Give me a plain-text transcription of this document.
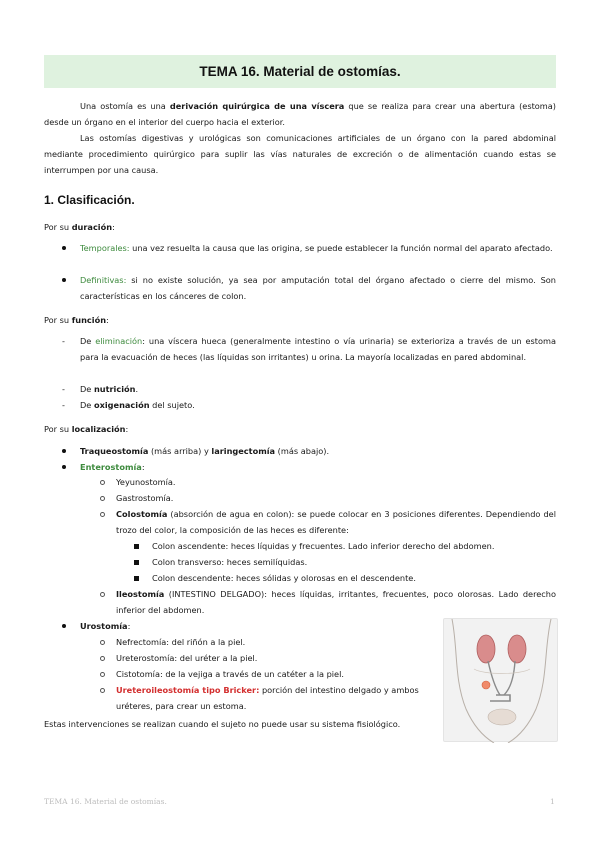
TEMA 16. Material de ostomías.

Una ostomía es una derivación quirúrgica de una víscera que se realiza para crear una abertura (estoma) desde un órgano en el interior del cuerpo hacia el exterior.

Las ostomías digestivas y urológicas son comunicaciones artificiales de un órgano con la pared abdominal mediante procedimiento quirúrgico para suplir las vías naturales de excreción o de alimentación cuando estas se interrumpen por una causa.

1. Clasificación.
Por su duración:
Temporales: una vez resuelta la causa que las origina, se puede establecer la función normal del aparato afectado.
Definitivas: si no existe solución, ya sea por amputación total del órgano afectado o cierre del mismo. Son características en los cánceres de colon.
Por su función:
- De eliminación: una víscera hueca (generalmente intestino o vía urinaria) se exterioriza a través de un estoma para la evacuación de heces (las líquidas son irritantes) u orina. La mayoría localizadas en pared abdominal.
- De nutrición.
- De oxigenación del sujeto.
Por su localización:
Traqueostomía (más arriba) y laringectomía (más abajo).
Enterostomía:
Yeyunostomía.
Gastrostomía.
Colostomía (absorción de agua en colon): se puede colocar en 3 posiciones diferentes. Dependiendo del trozo del color, la composición de las heces es diferente:
Colon ascendente: heces líquidas y frecuentes. Lado inferior derecho del abdomen.
Colon transverso: heces semilíquidas.
Colon descendente: heces sólidas y olorosas en el descendente.
Ileostomía (INTESTINO DELGADO): heces líquidas, irritantes, frecuentes, poco olorosas. Lado derecho inferior del abdomen.
Urostomía:
Nefrectomía: del riñón a la piel.
Ureterostomía: del uréter a la piel.
Cistotomía: de la vejiga a través de un catéter a la piel.
Ureteroileostomía tipo Bricker: porción del intestino delgado y ambos uréteres, para crear un estoma.
Estas intervenciones se realizan cuando el sujeto no puede usar su sistema fisiológico.
TEMA 16. Material de ostomías.	1
